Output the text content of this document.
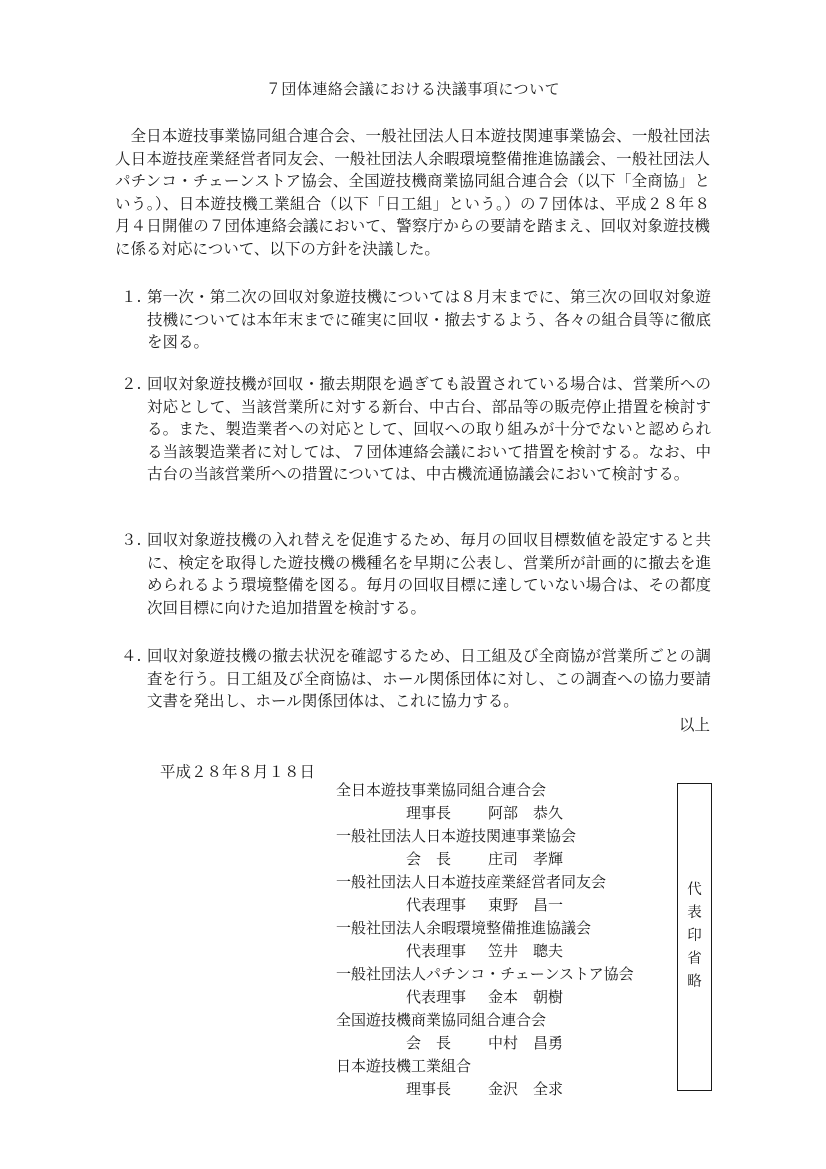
７団体連絡会議における決議事項について
全日本遊技事業協同組合連合会、一般社団法人日本遊技関連事業協会、一般社団法人日本遊技産業経営者同友会、一般社団法人余暇環境整備推進協議会、一般社団法人パチンコ・チェーンストア協会、全国遊技機商業協同組合連合会（以下「全商協」という。）、日本遊技機工業組合（以下「日工組」という。）の７団体は、平成２８年８月４日開催の７団体連絡会議において、警察庁からの要請を踏まえ、回収対象遊技機に係る対応について、以下の方針を決議した。
１. 第一次・第二次の回収対象遊技機については８月末までに、第三次の回収対象遊技機については本年末までに確実に回収・撤去するよう、各々の組合員等に徹底を図る。
２. 回収対象遊技機が回収・撤去期限を過ぎても設置されている場合は、営業所への対応として、当該営業所に対する新台、中古台、部品等の販売停止措置を検討する。また、製造業者への対応として、回収への取り組みが十分でないと認められる当該製造業者に対しては、７団体連絡会議において措置を検討する。なお、中古台の当該営業所への措置については、中古機流通協議会において検討する。
３. 回収対象遊技機の入れ替えを促進するため、毎月の回収目標数値を設定すると共に、検定を取得した遊技機の機種名を早期に公表し、営業所が計画的に撤去を進められるよう環境整備を図る。毎月の回収目標に達していない場合は、その都度次回目標に向けた追加措置を検討する。
４. 回収対象遊技機の撤去状況を確認するため、日工組及び全商協が営業所ごとの調査を行う。日工組及び全商協は、ホール関係団体に対し、この調査への協力要請文書を発出し、ホール関係団体は、これに協力する。
以上
平成２８年８月１８日
全日本遊技事業協同組合連合会
理事長	阿部　恭久
一般社団法人日本遊技関連事業協会
会　長	庄司　孝輝
一般社団法人日本遊技産業経営者同友会
代表理事	東野　昌一
一般社団法人余暇環境整備推進協議会
代表理事	笠井　聰夫
一般社団法人パチンコ・チェーンストア協会
代表理事	金本　朝樹
全国遊技機商業協同組合連合会
会　長	中村　昌勇
日本遊技機工業組合
理事長	金沢　全求
代
表
印
省
略
